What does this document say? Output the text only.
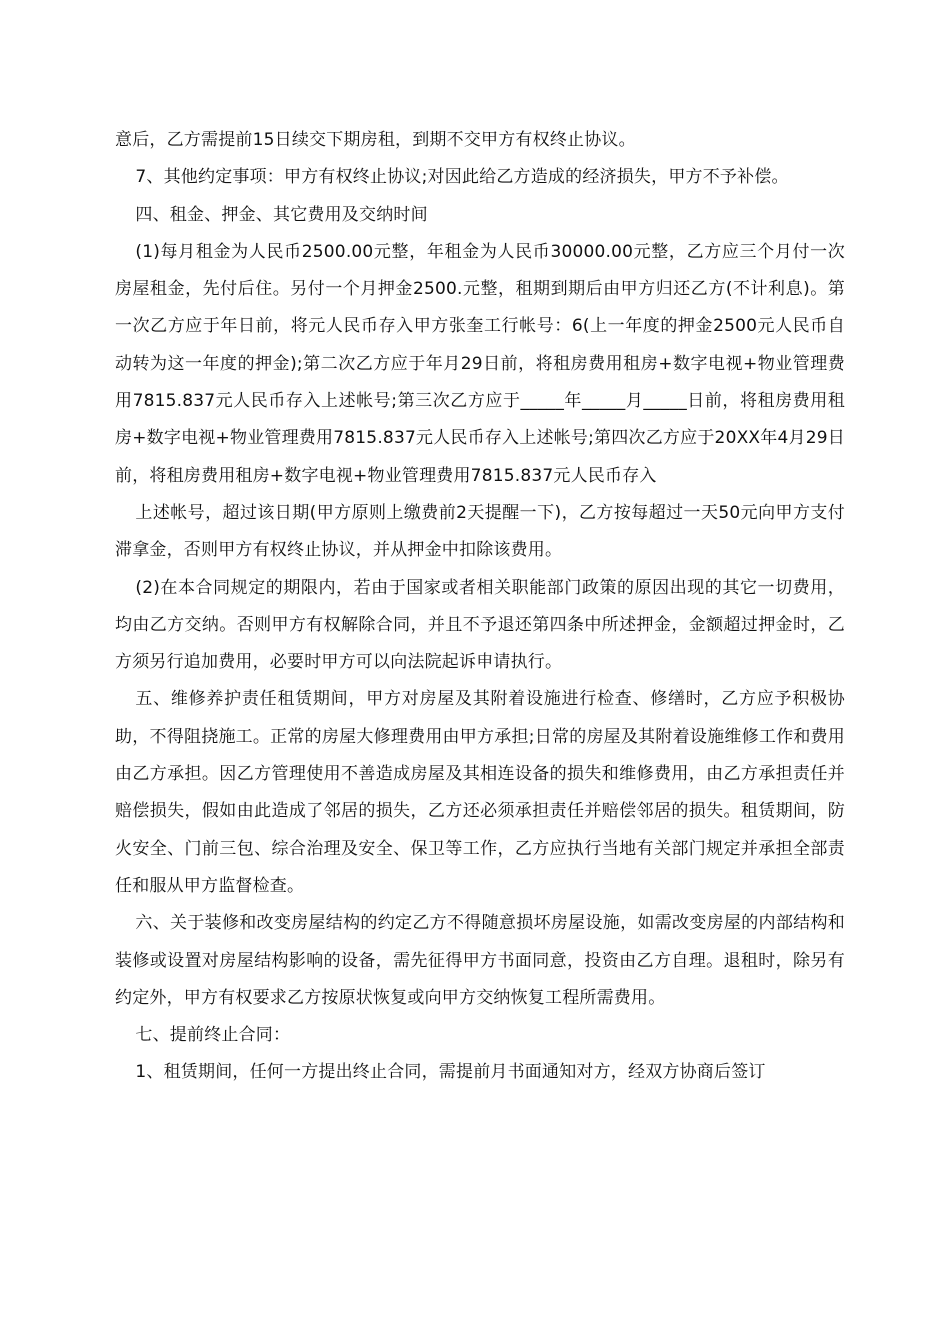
意后，乙方需提前15日续交下期房租，到期不交甲方有权终止协议。

7、其他约定事项：甲方有权终止协议;对因此给乙方造成的经济损失，甲方不予补偿。

四、租金、押金、其它费用及交纳时间

(1)每月租金为人民币2500.00元整，年租金为人民币30000.00元整，乙方应三个月付一次房屋租金，先付后住。另付一个月押金2500.元整，租期到期后由甲方归还乙方(不计利息)。第一次乙方应于年日前，将元人民币存入甲方张奎工行帐号：6(上一年度的押金2500元人民币自动转为这一年度的押金);第二次乙方应于年月29日前，将租房费用租房+数字电视+物业管理费用7815.837元人民币存入上述帐号;第三次乙方应于_____年_____月_____日前，将租房费用租房+数字电视+物业管理费用7815.837元人民币存入上述帐号;第四次乙方应于20XX年4月29日前，将租房费用租房+数字电视+物业管理费用7815.837元人民币存入

上述帐号，超过该日期(甲方原则上缴费前2天提醒一下)，乙方按每超过一天50元向甲方支付滞拿金，否则甲方有权终止协议，并从押金中扣除该费用。

(2)在本合同规定的期限内，若由于国家或者相关职能部门政策的原因出现的其它一切费用，均由乙方交纳。否则甲方有权解除合同，并且不予退还第四条中所述押金，金额超过押金时，乙方须另行追加费用，必要时甲方可以向法院起诉申请执行。

五、维修养护责任租赁期间，甲方对房屋及其附着设施进行检查、修缮时，乙方应予积极协助，不得阻挠施工。正常的房屋大修理费用由甲方承担;日常的房屋及其附着设施维修工作和费用由乙方承担。因乙方管理使用不善造成房屋及其相连设备的损失和维修费用，由乙方承担责任并赔偿损失，假如由此造成了邻居的损失，乙方还必须承担责任并赔偿邻居的损失。租赁期间，防火安全、门前三包、综合治理及安全、保卫等工作，乙方应执行当地有关部门规定并承担全部责任和服从甲方监督检查。

六、关于装修和改变房屋结构的约定乙方不得随意损坏房屋设施，如需改变房屋的内部结构和装修或设置对房屋结构影响的设备，需先征得甲方书面同意，投资由乙方自理。退租时，除另有约定外，甲方有权要求乙方按原状恢复或向甲方交纳恢复工程所需费用。

七、提前终止合同：

1、租赁期间，任何一方提出终止合同，需提前月书面通知对方，经双方协商后签订
